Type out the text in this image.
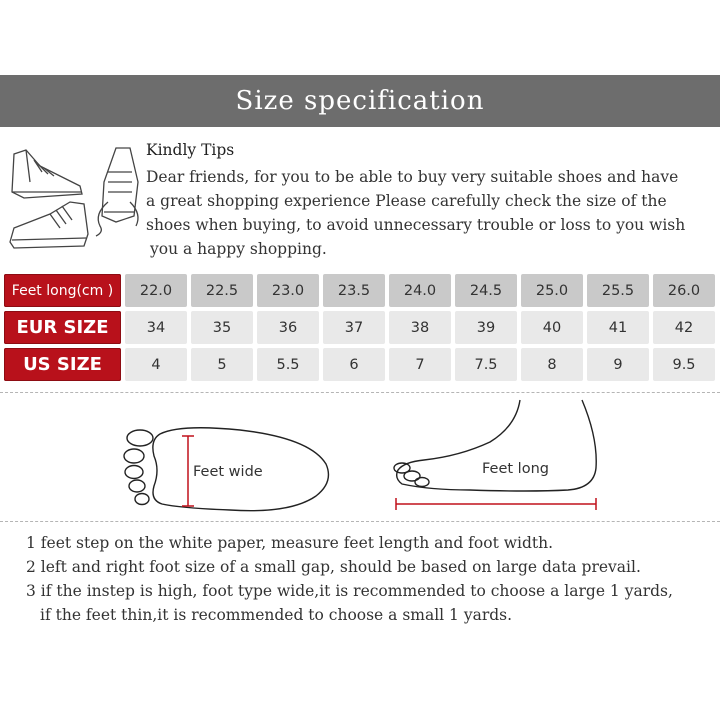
Size specification
Kindly Tips
Dear friends, for you to be able to buy very suitable shoes and have
a great shopping experience Please carefully check the size of the
shoes when buying, to avoid unnecessary trouble or loss to you wish
you a happy shopping.
Feet long(cm )	22.0	22.5	23.0	23.5	24.0	24.5	25.0	25.5	26.0
EUR SIZE	34	35	36	37	38	39	40	41	42
US SIZE	4	5	5.5	6	7	7.5	8	9	9.5
Feet wide	Feet long
1 feet step on the white paper, measure feet length and foot width.
2 left and right foot size of a small gap, should be based on large data prevail.
3 if the instep is high, foot type wide,it is recommended to choose a large 1 yards,
if the feet thin,it is recommended to choose a small 1 yards.
